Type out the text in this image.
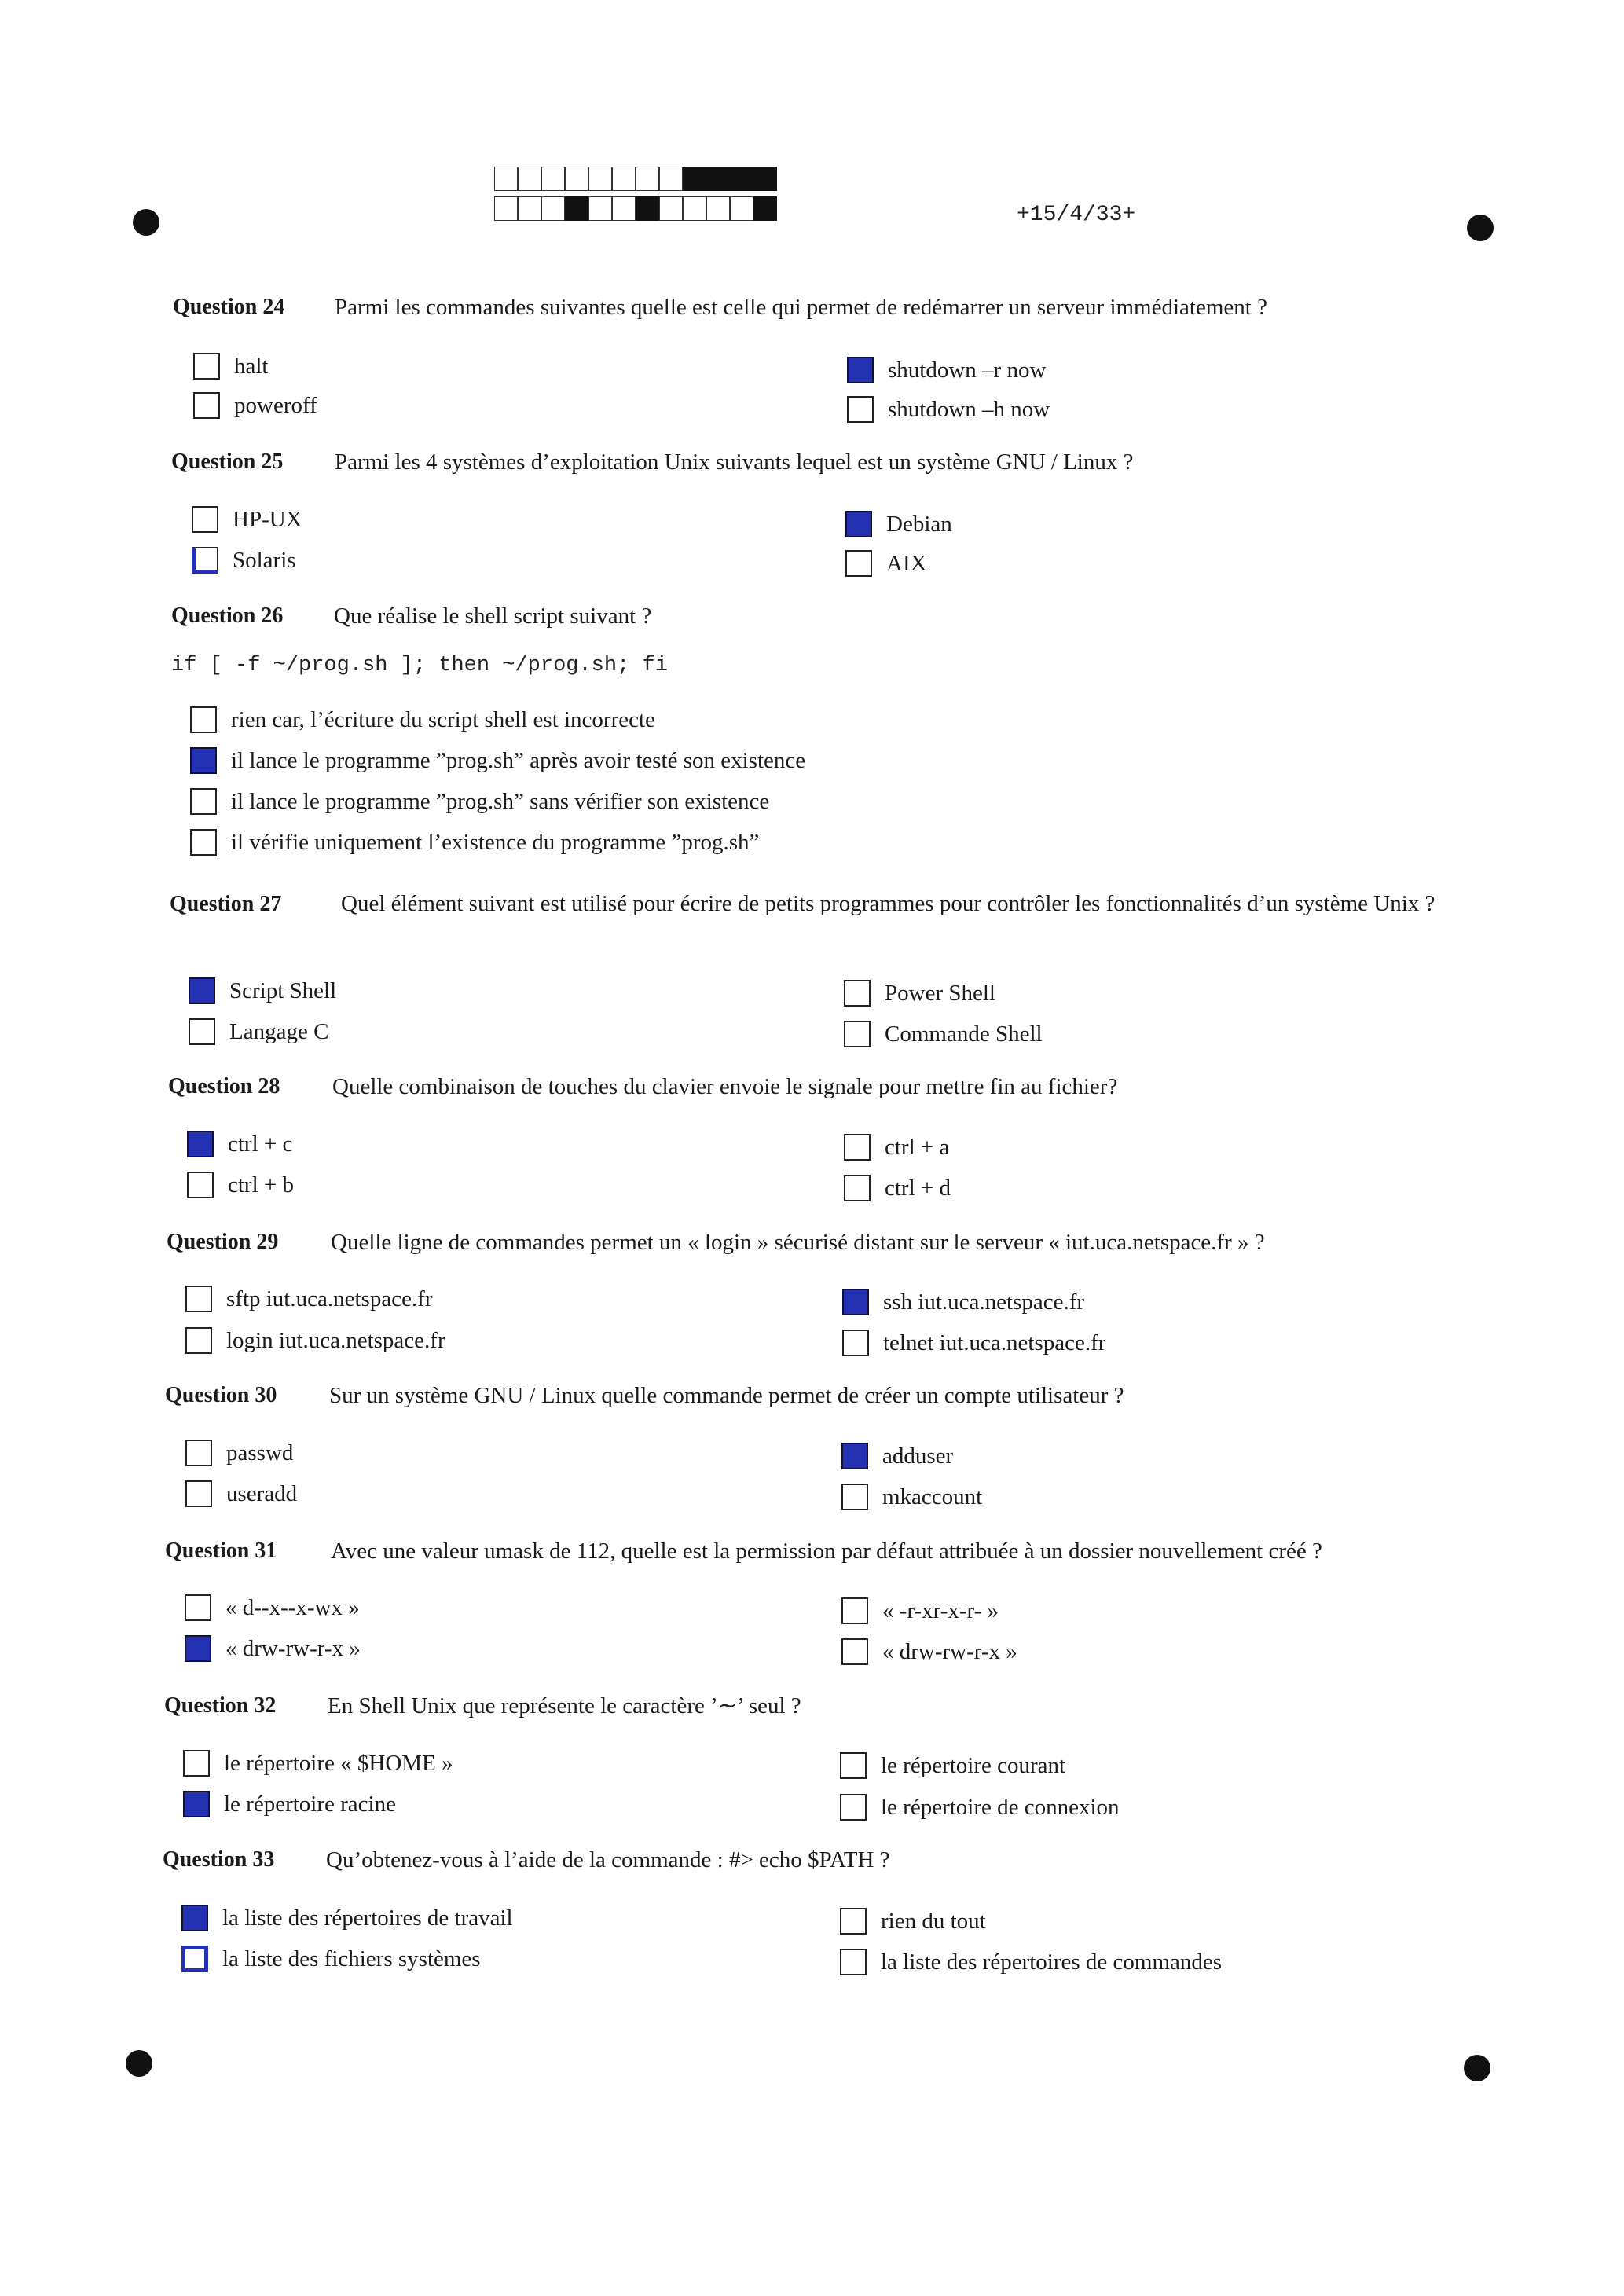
+15/4/33+
Question 24 Parmi les commandes suivantes quelle est celle qui permet de redémarrer un serveur immédiatement ?
halt
poweroff
shutdown –r now
shutdown –h now
Question 25 Parmi les 4 systèmes d’exploitation Unix suivants lequel est un système GNU / Linux ?
HP-UX
Solaris
Debian
AIX
Question 26 Que réalise le shell script suivant ?
if [ -f ~/prog.sh ]; then ~/prog.sh; fi
rien car, l’écriture du script shell est incorrecte
il lance le programme ”prog.sh” après avoir testé son existence
il lance le programme ”prog.sh” sans vérifier son existence
il vérifie uniquement l’existence du programme ”prog.sh”
Question 27	Quel élément suivant est utilisé pour écrire de petits programmes pour contrôler les fonctionnalités d’un système Unix ?
Script Shell
Langage C
Power Shell
Commande Shell
Question 28 Quelle combinaison de touches du clavier envoie le signale pour mettre fin au fichier?
ctrl + c
ctrl + b
ctrl + a
ctrl + d
Question 29 Quelle ligne de commandes permet un « login » sécurisé distant sur le serveur « iut.uca.netspace.fr » ?
sftp iut.uca.netspace.fr
login iut.uca.netspace.fr
ssh iut.uca.netspace.fr
telnet iut.uca.netspace.fr
Question 30 Sur un système GNU / Linux quelle commande permet de créer un compte utilisateur ?
passwd
useradd
adduser
mkaccount
Question 31 Avec une valeur umask de 112, quelle est la permission par défaut attribuée à un dossier nouvellement créé ?
« d--x--x-wx »
« drw-rw-r-x »
« -r-xr-x-r- »
« drw-rw-r-x »
Question 32 En Shell Unix que représente le caractère ’∼’ seul ?
le répertoire « $HOME »
le répertoire racine
le répertoire courant
le répertoire de connexion
Question 33 Qu’obtenez-vous à l’aide de la commande : #> echo $PATH ?
la liste des répertoires de travail
la liste des fichiers systèmes
rien du tout
la liste des répertoires de commandes
